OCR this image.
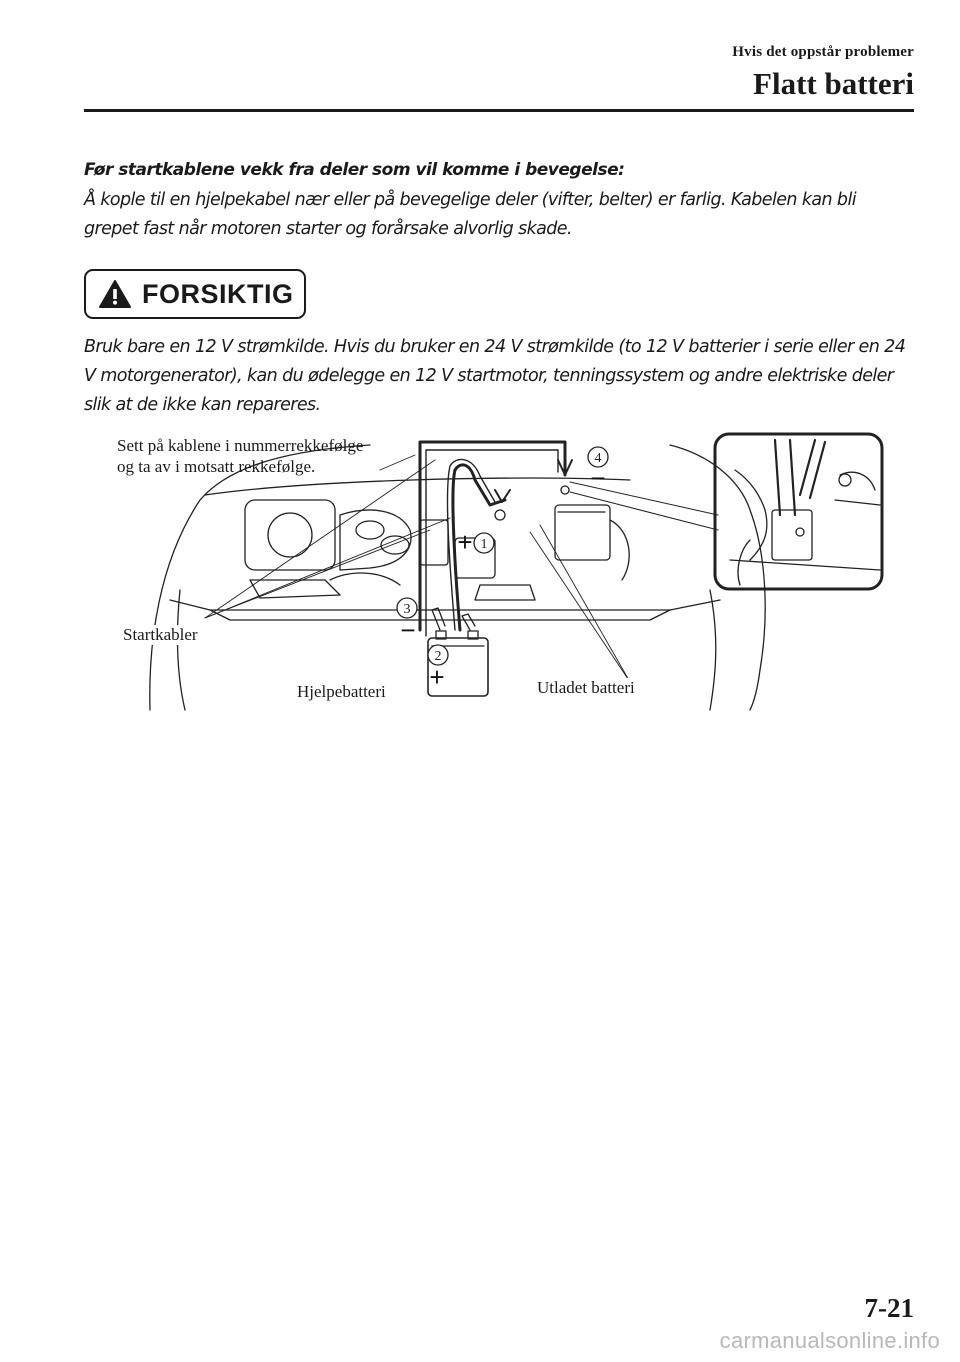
Hvis det oppstår problemer
Flatt batteri
Før startkablene vekk fra deler som vil komme i bevegelse:
Å kople til en hjelpekabel nær eller på bevegelige deler (vifter, belter) er farlig. Kabelen kan bli grepet fast når motoren starter og forårsake alvorlig skade.
FORSIKTIG
Bruk bare en 12 V strømkilde. Hvis du bruker en 24 V strømkilde (to 12 V batterier i serie eller en 24 V motorgenerator), kan du ødelegge en 12 V startmotor, tenningssystem og andre elektriske deler slik at de ikke kan repareres.
1
2
3
4
+
+
−
−
Sett på kablene i nummerrekkefølge
og ta av i motsatt rekkefølge.
Startkabler
Hjelpebatteri	Utladet batteri
7-21
carmanualsonline.info
